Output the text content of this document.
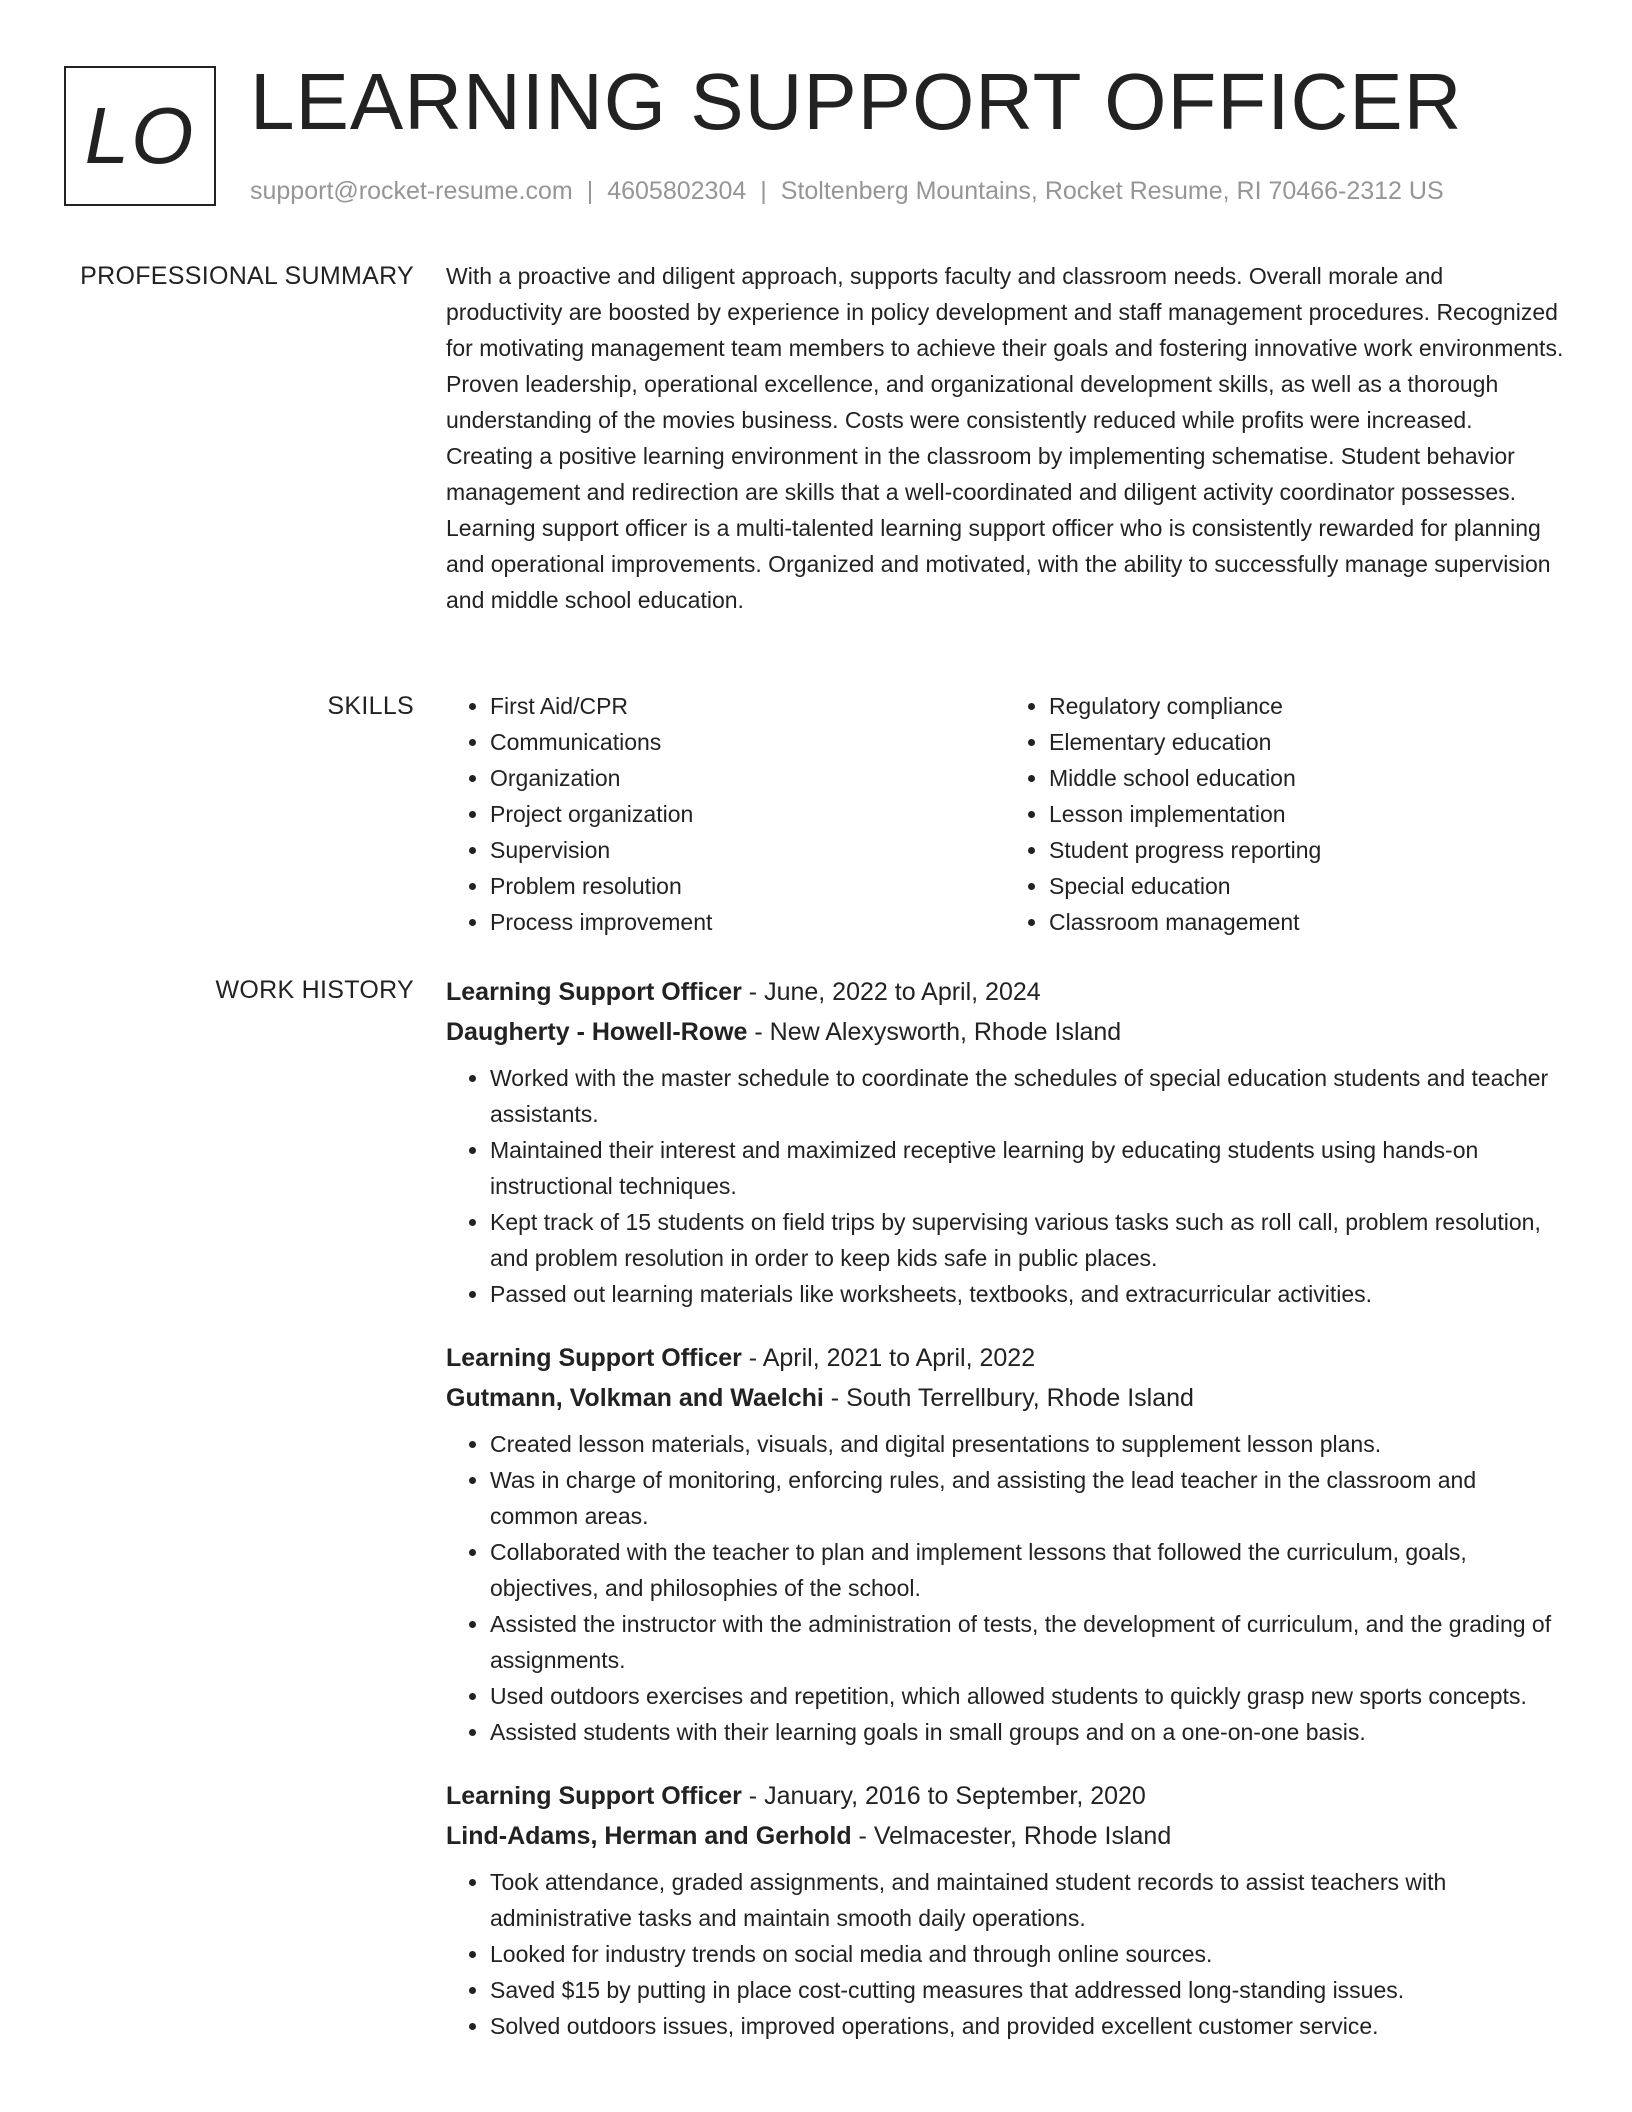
LO LEARNING SUPPORT OFFICER
support@rocket-resume.com | 4605802304 | Stoltenberg Mountains, Rocket Resume, RI 70466-2312 US
PROFESSIONAL SUMMARY With a proactive and diligent approach, supports faculty and classroom needs. Overall morale and productivity are boosted by experience in policy development and staff management procedures. Recognized for motivating management team members to achieve their goals and fostering innovative work environments. Proven leadership, operational excellence, and organizational development skills, as well as a thorough understanding of the movies business. Costs were consistently reduced while profits were increased. Creating a positive learning environment in the classroom by implementing schematise. Student behavior management and redirection are skills that a well-coordinated and diligent activity coordinator possesses. Learning support officer is a multi-talented learning support officer who is consistently rewarded for planning and operational improvements. Organized and motivated, with the ability to successfully manage supervision and middle school education.

SKILLS
•	First Aid/CPR
• Communications
• Organization
• Project organization
• Supervision
• Problem resolution
• Process improvement
• Regulatory compliance
• Elementary education
• Middle school education
• Lesson implementation
• Student progress reporting
• Special education
• Classroom management
WORK HISTORY Learning Support Officer - June, 2022 to April, 2024
Daugherty - Howell-Rowe - New Alexysworth, Rhode Island
• Worked with the master schedule to coordinate the schedules of special education students and teacher assistants.
• Maintained their interest and maximized receptive learning by educating students using hands-on instructional techniques.
• Kept track of 15 students on field trips by supervising various tasks such as roll call, problem resolution, and problem resolution in order to keep kids safe in public places.
• Passed out learning materials like worksheets, textbooks, and extracurricular activities.
Learning Support Officer - April, 2021 to April, 2022
Gutmann, Volkman and Waelchi - South Terrellbury, Rhode Island
• Created lesson materials, visuals, and digital presentations to supplement lesson plans.
• Was in charge of monitoring, enforcing rules, and assisting the lead teacher in the classroom and common areas.
• Collaborated with the teacher to plan and implement lessons that followed the curriculum, goals, objectives, and philosophies of the school.
• Assisted the instructor with the administration of tests, the development of curriculum, and the grading of assignments.
• Used outdoors exercises and repetition, which allowed students to quickly grasp new sports concepts.
• Assisted students with their learning goals in small groups and on a one-on-one basis.
Learning Support Officer - January, 2016 to September, 2020
Lind-Adams, Herman and Gerhold - Velmacester, Rhode Island
• Took attendance, graded assignments, and maintained student records to assist teachers with administrative tasks and maintain smooth daily operations.
• Looked for industry trends on social media and through online sources.
• Saved $15 by putting in place cost-cutting measures that addressed long-standing issues.
• Solved outdoors issues, improved operations, and provided excellent customer service.
